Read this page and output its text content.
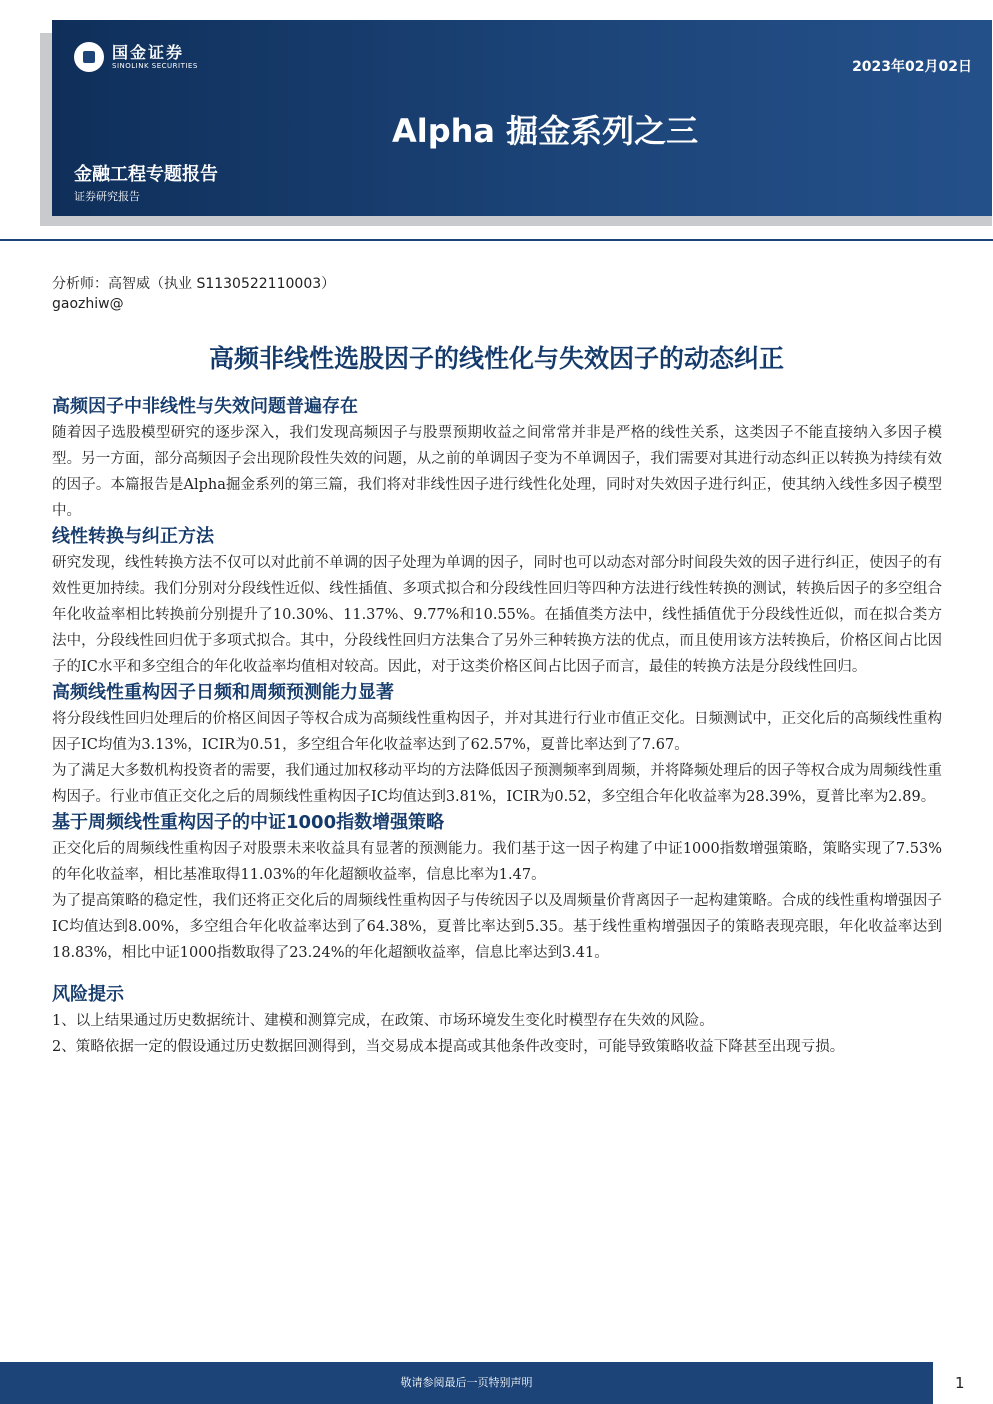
国金证券
SINOLINK SECURITIES	2023年02月02日
Alpha 掘金系列之三
金融工程专题报告
证券研究报告
分析师：高智威（执业 S1130522110003）
gaozhiw@
高频非线性选股因子的线性化与失效因子的动态纠正
高频因子中非线性与失效问题普遍存在

随着因子选股模型研究的逐步深入，我们发现高频因子与股票预期收益之间常常并非是严格的线性关系，这类因子不能直接纳入多因子模型。另一方面，部分高频因子会出现阶段性失效的问题，从之前的单调因子变为不单调因子，我们需要对其进行动态纠正以转换为持续有效的因子。本篇报告是Alpha掘金系列的第三篇，我们将对非线性因子进行线性化处理，同时对失效因子进行纠正，使其纳入线性多因子模型中。

线性转换与纠正方法

研究发现，线性转换方法不仅可以对此前不单调的因子处理为单调的因子，同时也可以动态对部分时间段失效的因子进行纠正，使因子的有效性更加持续。我们分别对分段线性近似、线性插值、多项式拟合和分段线性回归等四种方法进行线性转换的测试，转换后因子的多空组合年化收益率相比转换前分别提升了10.30%、11.37%、9.77%和10.55%。在插值类方法中，线性插值优于分段线性近似，而在拟合类方法中，分段线性回归优于多项式拟合。其中，分段线性回归方法集合了另外三种转换方法的优点，而且使用该方法转换后，价格区间占比因子的IC水平和多空组合的年化收益率均值相对较高。因此，对于这类价格区间占比因子而言，最佳的转换方法是分段线性回归。

高频线性重构因子日频和周频预测能力显著

将分段线性回归处理后的价格区间因子等权合成为高频线性重构因子，并对其进行行业市值正交化。日频测试中，正交化后的高频线性重构因子IC均值为3.13%，ICIR为0.51，多空组合年化收益率达到了62.57%，夏普比率达到了7.67。

为了满足大多数机构投资者的需要，我们通过加权移动平均的方法降低因子预测频率到周频，并将降频处理后的因子等权合成为周频线性重构因子。行业市值正交化之后的周频线性重构因子IC均值达到3.81%，ICIR为0.52，多空组合年化收益率为28.39%，夏普比率为2.89。

基于周频线性重构因子的中证1000指数增强策略

正交化后的周频线性重构因子对股票未来收益具有显著的预测能力。我们基于这一因子构建了中证1000指数增强策略，策略实现了7.53%的年化收益率，相比基准取得11.03%的年化超额收益率，信息比率为1.47。

为了提高策略的稳定性，我们还将正交化后的周频线性重构因子与传统因子以及周频量价背离因子一起构建策略。合成的线性重构增强因子IC均值达到8.00%，多空组合年化收益率达到了64.38%，夏普比率达到5.35。基于线性重构增强因子的策略表现亮眼，年化收益率达到18.83%，相比中证1000指数取得了23.24%的年化超额收益率，信息比率达到3.41。

风险提示

1、以上结果通过历史数据统计、建模和测算完成，在政策、市场环境发生变化时模型存在失效的风险。

2、策略依据一定的假设通过历史数据回测得到，当交易成本提高或其他条件改变时，可能导致策略收益下降甚至出现亏损。

敬请参阅最后一页特别声明	1
